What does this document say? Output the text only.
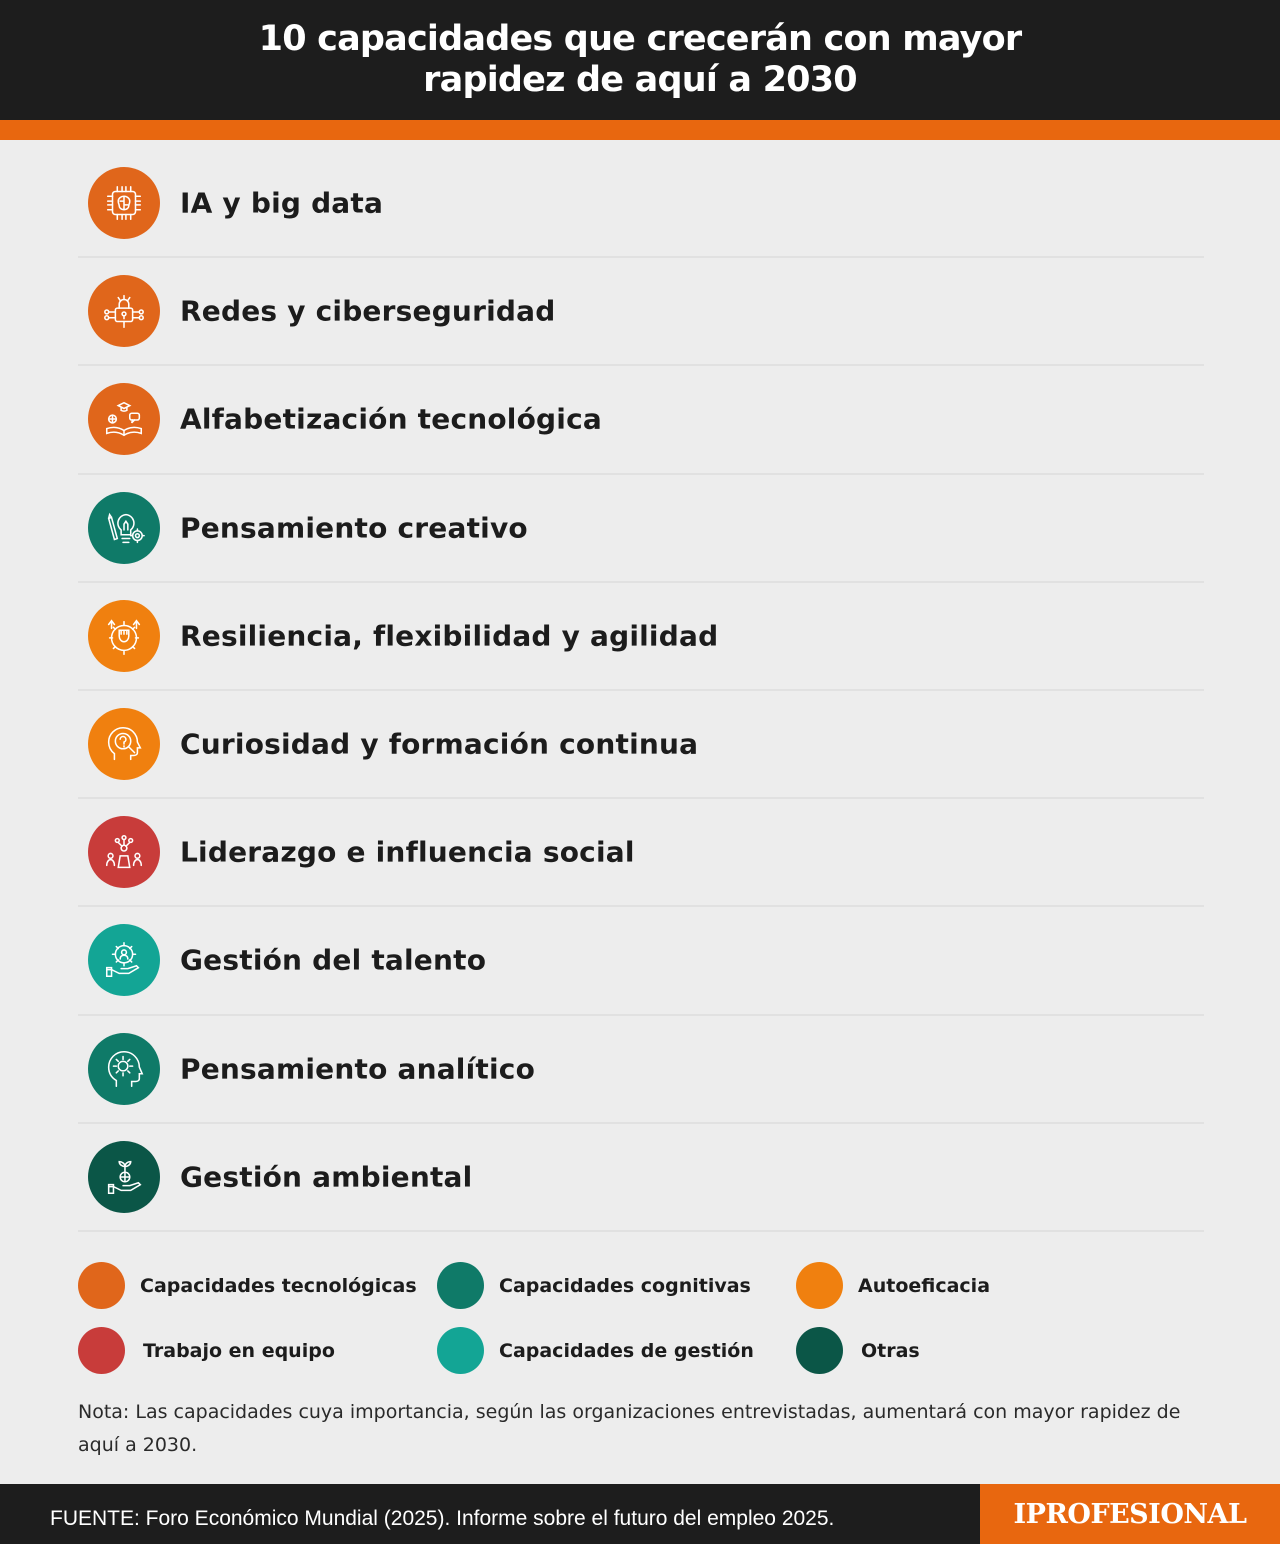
10 capacidades que crecerán con mayor rapidez de aquí a 2030
IA y big data
Redes y ciberseguridad
Alfabetización tecnológica
Pensamiento creativo
Resiliencia, flexibilidad y agilidad
Curiosidad y formación continua
Liderazgo e influencia social
Gestión del talento
Pensamiento analítico
Gestión ambiental
Capacidades tecnológicas	Capacidades cognitivas	Autoeficacia
Trabajo en equipo	Capacidades de gestión	Otras

Nota: Las capacidades cuya importancia, según las organizaciones entrevistadas, aumentará con mayor rapidez de aquí a 2030.

FUENTE: Foro Económico Mundial (2025). Informe sobre el futuro del empleo 2025.	IPROFESIONAL
